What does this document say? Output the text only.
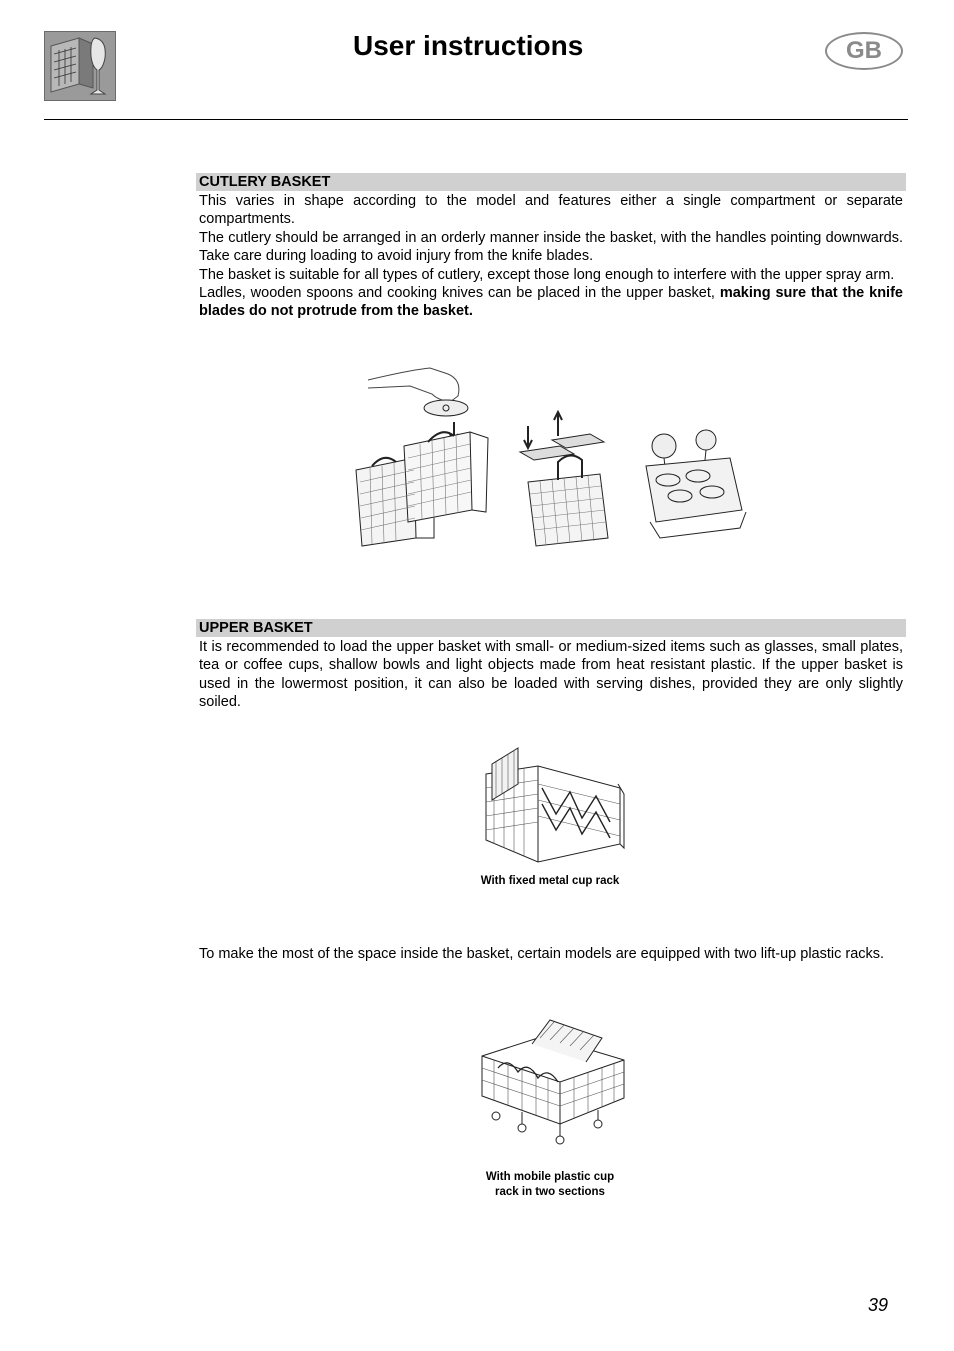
User instructions	GB
CUTLERY BASKET

This varies in shape according to the model and features either a single compartment or separate compartments.

The cutlery should be arranged in an orderly manner inside the basket, with the handles pointing downwards. Take care during loading to avoid injury from the knife blades.

The basket is suitable for all types of cutlery, except those long enough to interfere with the upper spray arm.

Ladles, wooden spoons and cooking knives can be placed in the upper basket, making sure that the knife blades do not protrude from the basket.

UPPER BASKET

It is recommended to load the upper basket with small- or medium-sized items such as glasses, small plates, tea or coffee cups, shallow bowls and light objects made from heat resistant plastic. If the upper basket is used in the lowermost position, it can also be loaded with serving dishes, provided they are only slightly soiled.

With fixed metal cup rack

To make the most of the space inside the basket, certain models are equipped with two lift-up plastic racks.

With mobile plastic cup
rack in two sections
39
